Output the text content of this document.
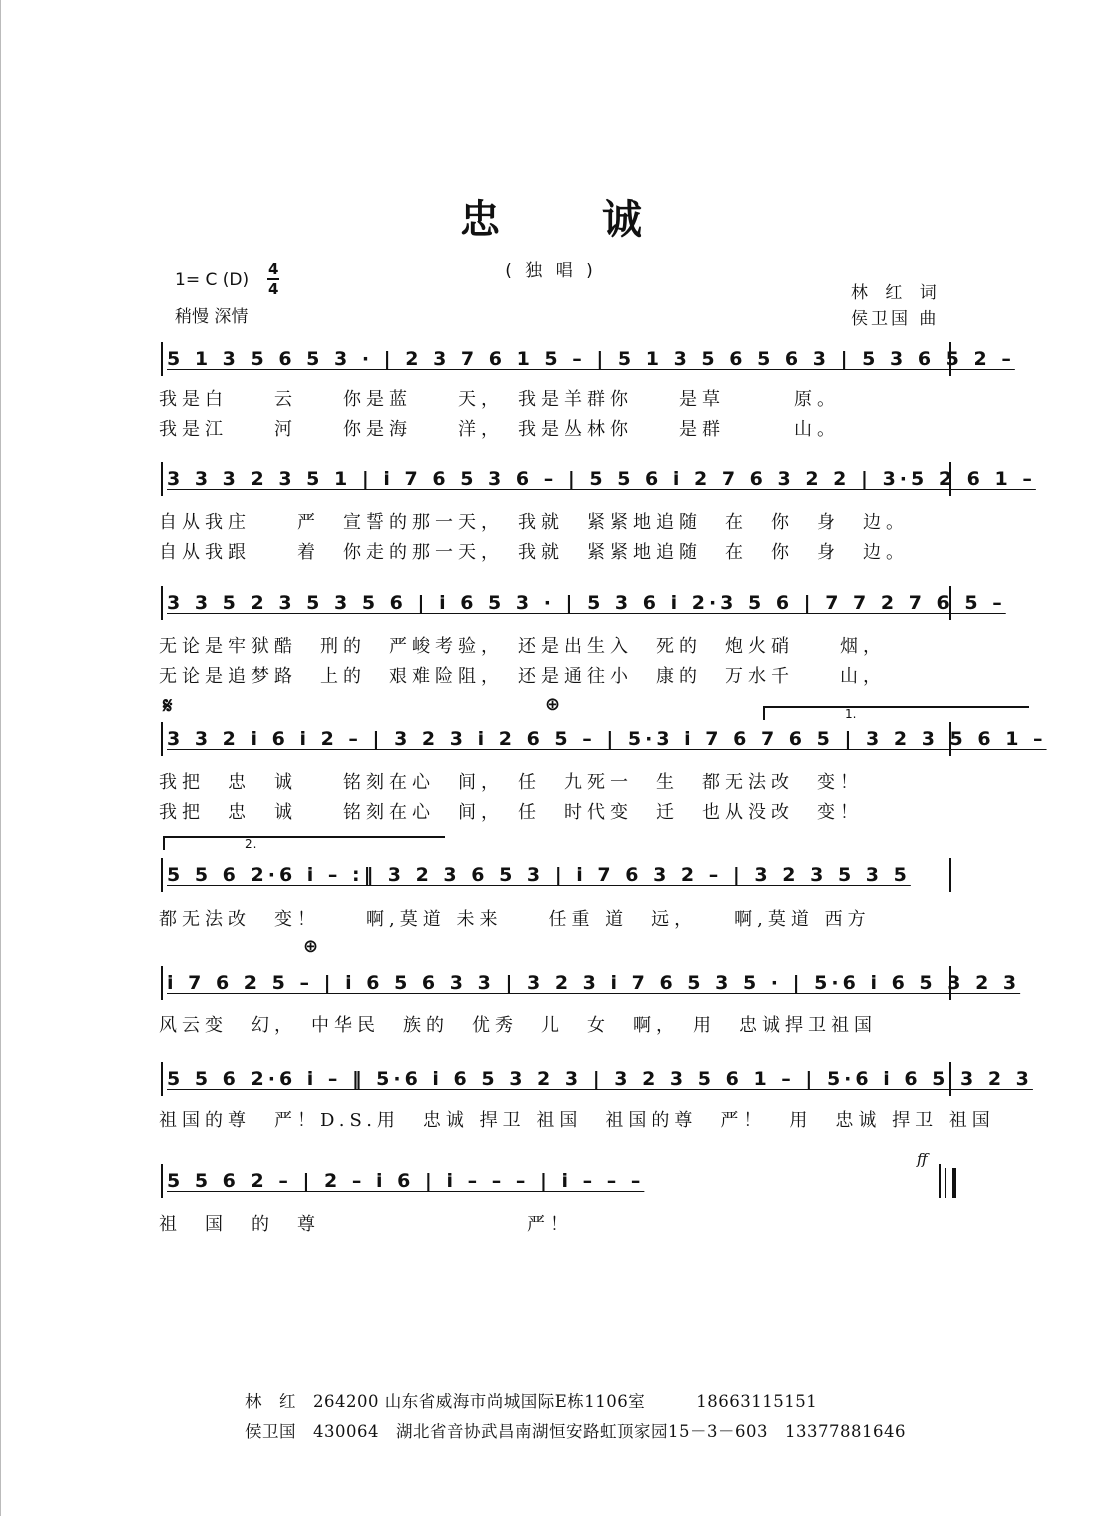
忠 诚
( 独 唱 )
1= C (D)
4
4
稍慢 深情
林 红 词
侯卫国 曲
5 1 3 5 6 5 3 · | 2 3 7 6 1 5 – | 5 1 3 5 6 5 6 3 | 5 3 6 5 2 –
我是白　　云　　你是蓝　　天，　我是羊群你　　是草　　　原。
我是江　　河　　你是海　　洋，　我是丛林你　　是群　　　山。
3 3 3 2 3 5 1 | i 7 6 5 3 6 – | 5 5 6 i 2 7 6 3 2 2 | 3·5 2 6 1 –
自从我庄　　严　宣誓的那一天，　我就　紧紧地追随　在　你　身　边。
自从我跟　　着　你走的那一天，　我就　紧紧地追随　在　你　身　边。
3 3 5 2 3 5 3 5 6 | i 6 5 3 · | 5 3 6 i 2·3 5 6 | 7 7 2 7 6 5 –
无论是牢狱酷　刑的　严峻考验，　还是出生入　死的　炮火硝　　烟，
无论是追梦路　上的　艰难险阻，　还是通往小　康的　万水千　　山，
𝄋	⊕	1.
3 3 2 i 6 i 2 – | 3 2 3 i 2 6 5 – | 5·3 i 7 6 7 6 5 | 3 2 3 5 6 1 –
我把　忠　诚　　铭刻在心　间，　任　九死一　生　都无法改　变！
我把　忠　诚　　铭刻在心　间，　任　时代变　迁　也从没改　变！
2.
5 5 6 2·6 i – :‖ 3 2 3 6 5 3 | i 7 6 3 2 – | 3 2 3 5 3 5
都无法改　变！　　啊,莫道 未来　　任重 道　远，　　啊,莫道 西方
⊕
i 7 6 2 5 – | i 6 5 6 3 3 | 3 2 3 i 7 6 5 3 5 · | 5·6 i 6 5 3 2 3
风云变　幻，　中华民　族的　优秀　儿　女　啊，　用　忠诚捍卫祖国
5 5 6 2·6 i – ‖ 5·6 i 6 5 3 2 3 | 3 2 3 5 6 1 – | 5·6 i 6 5 3 2 3
祖国的尊　严！D.S.用　忠诚 捍卫 祖国　祖国的尊　严！　用　忠诚 捍卫 祖国
ff
5 5 6 2 – | 2 – i 6 | i – – – | i – – –
祖　国　的　尊　　　　　　　　　严！
林　红　264200 山东省威海市尚城国际E栋1106室　　　18663115151
侯卫国　430064　湖北省音协武昌南湖恒安路虹顶家园15－3－603　13377881646
